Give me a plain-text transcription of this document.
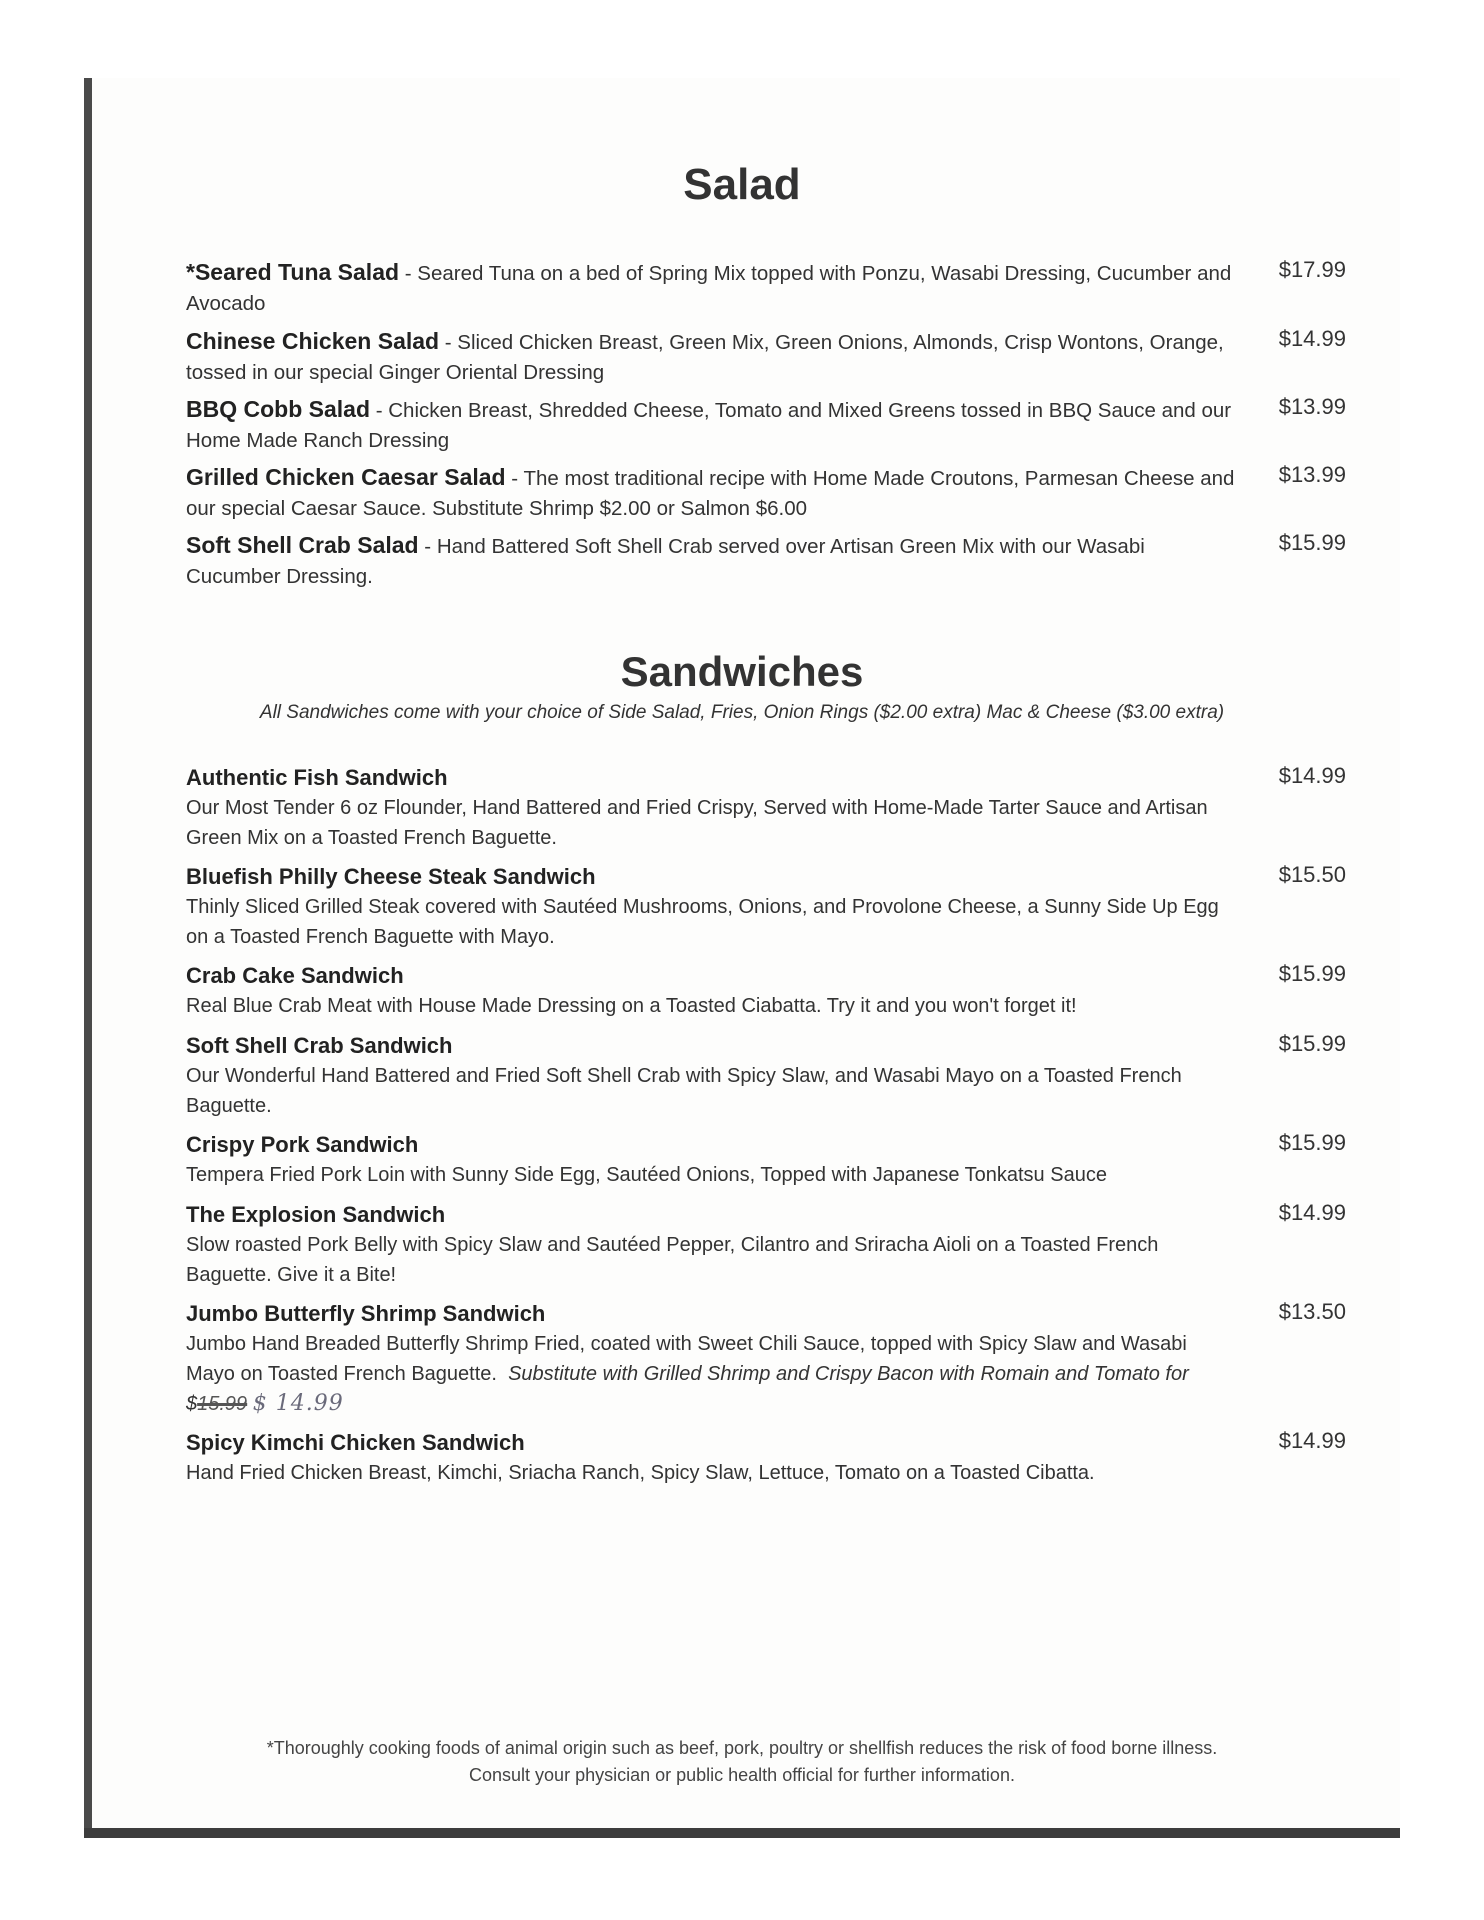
Salad
*Seared Tuna Salad - Seared Tuna on a bed of Spring Mix topped with Ponzu, Wasabi Dressing, Cucumber and Avocado
$17.99
Chinese Chicken Salad - Sliced Chicken Breast, Green Mix, Green Onions, Almonds, Crisp Wontons, Orange, tossed in our special Ginger Oriental Dressing
$14.99
BBQ Cobb Salad - Chicken Breast, Shredded Cheese, Tomato and Mixed Greens tossed in BBQ Sauce and our Home Made Ranch Dressing
$13.99
Grilled Chicken Caesar Salad - The most traditional recipe with Home Made Croutons, Parmesan Cheese and our special Caesar Sauce. Substitute Shrimp $2.00 or Salmon $6.00
$13.99
Soft Shell Crab Salad - Hand Battered Soft Shell Crab served over Artisan Green Mix with our Wasabi Cucumber Dressing.
$15.99
Sandwiches
All Sandwiches come with your choice of Side Salad, Fries, Onion Rings ($2.00 extra) Mac & Cheese ($3.00 extra)
Authentic Fish Sandwich
Our Most Tender 6 oz Flounder, Hand Battered and Fried Crispy, Served with Home-Made Tarter Sauce and Artisan Green Mix on a Toasted French Baguette.
$14.99
Bluefish Philly Cheese Steak Sandwich
Thinly Sliced Grilled Steak covered with Sautéed Mushrooms, Onions, and Provolone Cheese, a Sunny Side Up Egg on a Toasted French Baguette with Mayo.
$15.50
Crab Cake Sandwich
Real Blue Crab Meat with House Made Dressing on a Toasted Ciabatta. Try it and you won't forget it!
$15.99
Soft Shell Crab Sandwich
Our Wonderful Hand Battered and Fried Soft Shell Crab with Spicy Slaw, and Wasabi Mayo on a Toasted French Baguette.
$15.99
Crispy Pork Sandwich
Tempera Fried Pork Loin with Sunny Side Egg, Sautéed Onions, Topped with Japanese Tonkatsu Sauce
$15.99
The Explosion Sandwich
Slow roasted Pork Belly with Spicy Slaw and Sautéed Pepper, Cilantro and Sriracha Aioli on a Toasted French Baguette. Give it a Bite!
$14.99
Jumbo Butterfly Shrimp Sandwich
Jumbo Hand Breaded Butterfly Shrimp Fried, coated with Sweet Chili Sauce, topped with Spicy Slaw and Wasabi Mayo on Toasted French Baguette. Substitute with Grilled Shrimp and Crispy Bacon with Romain and Tomato for $15.99 $ 14.99
$13.50
Spicy Kimchi Chicken Sandwich
Hand Fried Chicken Breast, Kimchi, Sriacha Ranch, Spicy Slaw, Lettuce, Tomato on a Toasted Cibatta.
$14.99
*Thoroughly cooking foods of animal origin such as beef, pork, poultry or shellfish reduces the risk of food borne illness.
Consult your physician or public health official for further information.
